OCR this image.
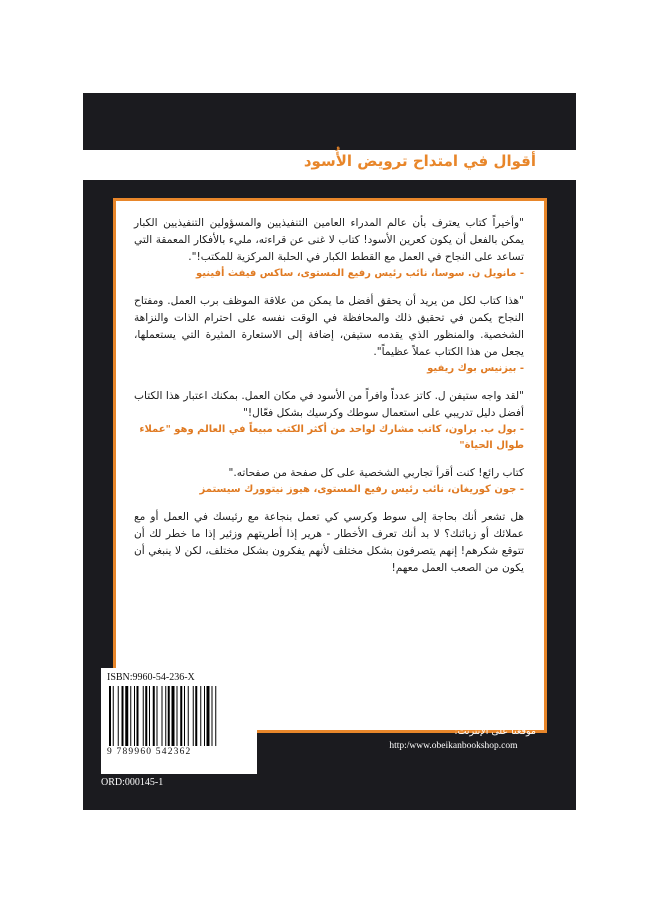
أقوال في امتداح ترويض الأُسود
"وأخيراً كتاب يعترف بأن عالم المدراء العامين التنفيذيين والمسؤولين التنفيذيين الكبار يمكن بالفعل أن يكون كعرين الأسود! كتاب لا غنى عن قراءته، مليء بالأفكار المعمقة التي تساعد على النجاح في العمل مع القطط الكبار في الحلبة المركزية للمكتب!".
- مانويل ن. سوسا، نائب رئيس رفيع المستوى، ساكس فيفث أفينيو
"هذا كتاب لكل من يريد أن يحقق أفضل ما يمكن من علاقة الموظف برب العمل. ومفتاح النجاح يكمن في تحقيق ذلك والمحافظة في الوقت نفسه على احترام الذات والنزاهة الشخصية. والمنظور الذي يقدمه ستيفن، إضافة إلى الاستعارة المثيرة التي يستعملها، يجعل من هذا الكتاب عملاً عظيماً".
- بيزنيس بوك ريفيو
"لقد واجه ستيفن ل. كاتز عدداً وافراً من الأسود في مكان العمل. بمكنك اعتبار هذا الكتاب أفضل دليل تدريبي على استعمال سوطك وكرسيك بشكل فعّال!"
- بول ب. براون، كاتب مشارك لواحد من أكثر الكتب مبيعاً في العالم وهو "عملاء طوال الحياة"
كتاب رائع! كنت أقرأ تجاربي الشخصية على كل صفحة من صفحاته."
- جون كوريغان، نائب رئيس رفيع المستوى، هيوز نيتوورك سيستمز
هل تشعر أنك بحاجة إلى سوط وكرسي كي تعمل بنجاعة مع رئيسك في العمل أو مع عملائك أو زبائنك؟ لا بد أنك تعرف الأخطار - هرير إذا أطريتهم وزئير إذا ما خطر لك أن تتوقع شكرهم! إنهم يتصرفون بشكل مختلف لأنهم يفكرون بشكل مختلف، لكن لا ينبغي أن يكون من الصعب العمل معهم!
ISBN:9960-54-236-X
9 789960 542362
ORD:000145-1
موضوع الكتاب: ١- السلوك الاجتماعي
٢- التكييف الاجتماعي
موقعنا على الإنترنت:
http:/www.obeikanbookshop.com
